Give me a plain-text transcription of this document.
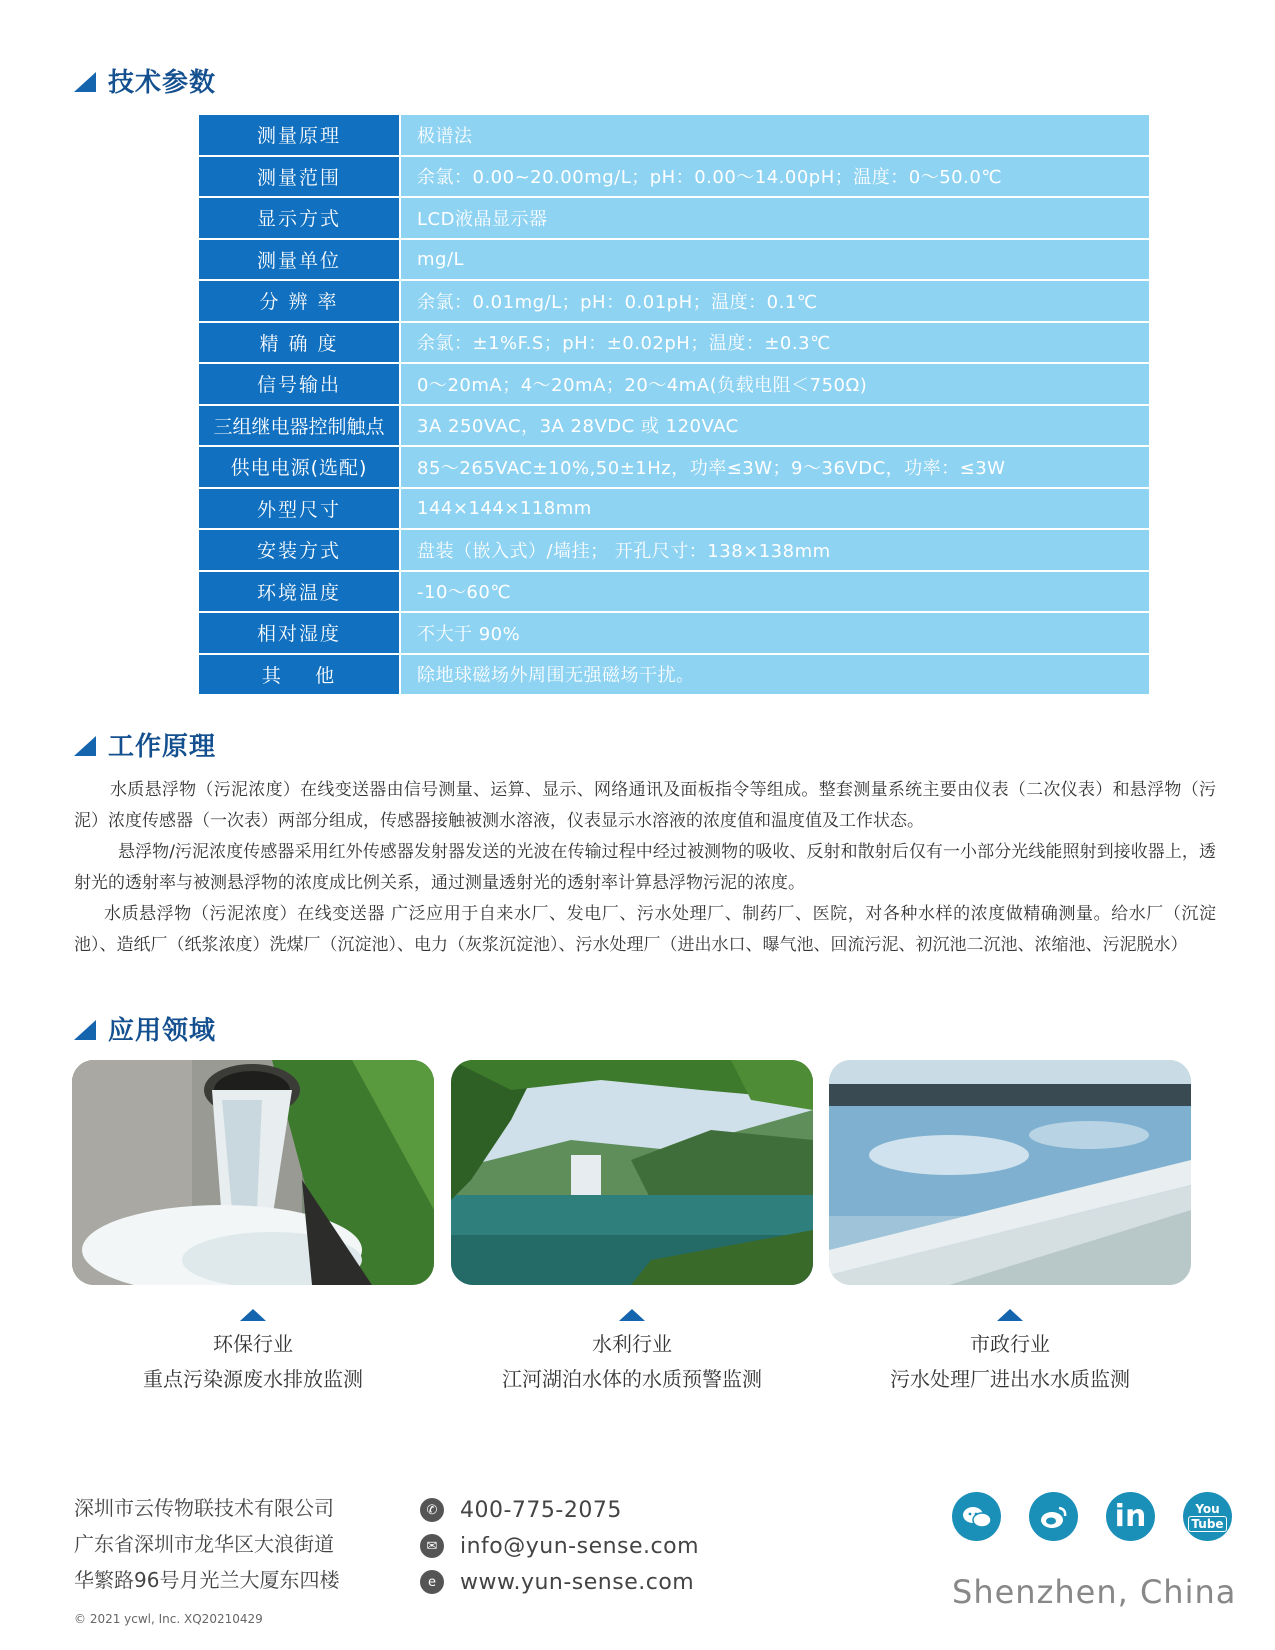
技术参数
测量原理	极谱法
测量范围	余氯：0.00~20.00mg/L；pH：0.00～14.00pH；温度：0～50.0℃
显示方式	LCD液晶显示器
测量单位	mg/L
分 辨 率	余氯：0.01mg/L；pH：0.01pH；温度：0.1℃
精 确 度	余氯：±1%F.S；pH：±0.02pH；温度：±0.3℃
信号输出	0～20mA；4～20mA；20～4mA(负载电阻＜750Ω)
三组继电器控制触点	3A 250VAC，3A 28VDC 或 120VAC
供电电源(选配)	85～265VAC±10%,50±1Hz，功率≤3W；9～36VDC，功率：≤3W
外型尺寸	144×144×118mm
安装方式	盘装（嵌入式）/墙挂； 开孔尺寸：138×138mm
环境温度	-10～60℃
相对湿度	不大于 90%
其    他	除地球磁场外周围无强磁场干扰。
工作原理
水质悬浮物（污泥浓度）在线变送器由信号测量、运算、显示、网络通讯及面板指令等组成。整套测量系统主要由仪表（二次仪表）和悬浮物（污泥）浓度传感器（一次表）两部分组成，传感器接触被测水溶液，仪表显示水溶液的浓度值和温度值及工作状态。
悬浮物/污泥浓度传感器采用红外传感器发射器发送的光波在传输过程中经过被测物的吸收、反射和散射后仅有一小部分光线能照射到接收器上，透射光的透射率与被测悬浮物的浓度成比例关系，通过测量透射光的透射率计算悬浮物污泥的浓度。
水质悬浮物（污泥浓度）在线变送器 广泛应用于自来水厂、发电厂、污水处理厂、制药厂、医院，对各种水样的浓度做精确测量。给水厂（沉淀池）、造纸厂（纸浆浓度）洗煤厂（沉淀池）、电力（灰浆沉淀池）、污水处理厂（进出水口、曝气池、回流污泥、初沉池二沉池、浓缩池、污泥脱水）
应用领域
环保行业
重点污染源废水排放监测
水利行业
江河湖泊水体的水质预警监测
市政行业
污水处理厂进出水水质监测
深圳市云传物联技术有限公司
广东省深圳市龙华区大浪街道
华繁路96号月光兰大厦东四楼
✆ 400-775-2075
✉ info@yun-sense.com
e	www.yun-sense.com
in	You
Tube
Shenzhen, China
© 2021 ycwl, Inc. XQ20210429
